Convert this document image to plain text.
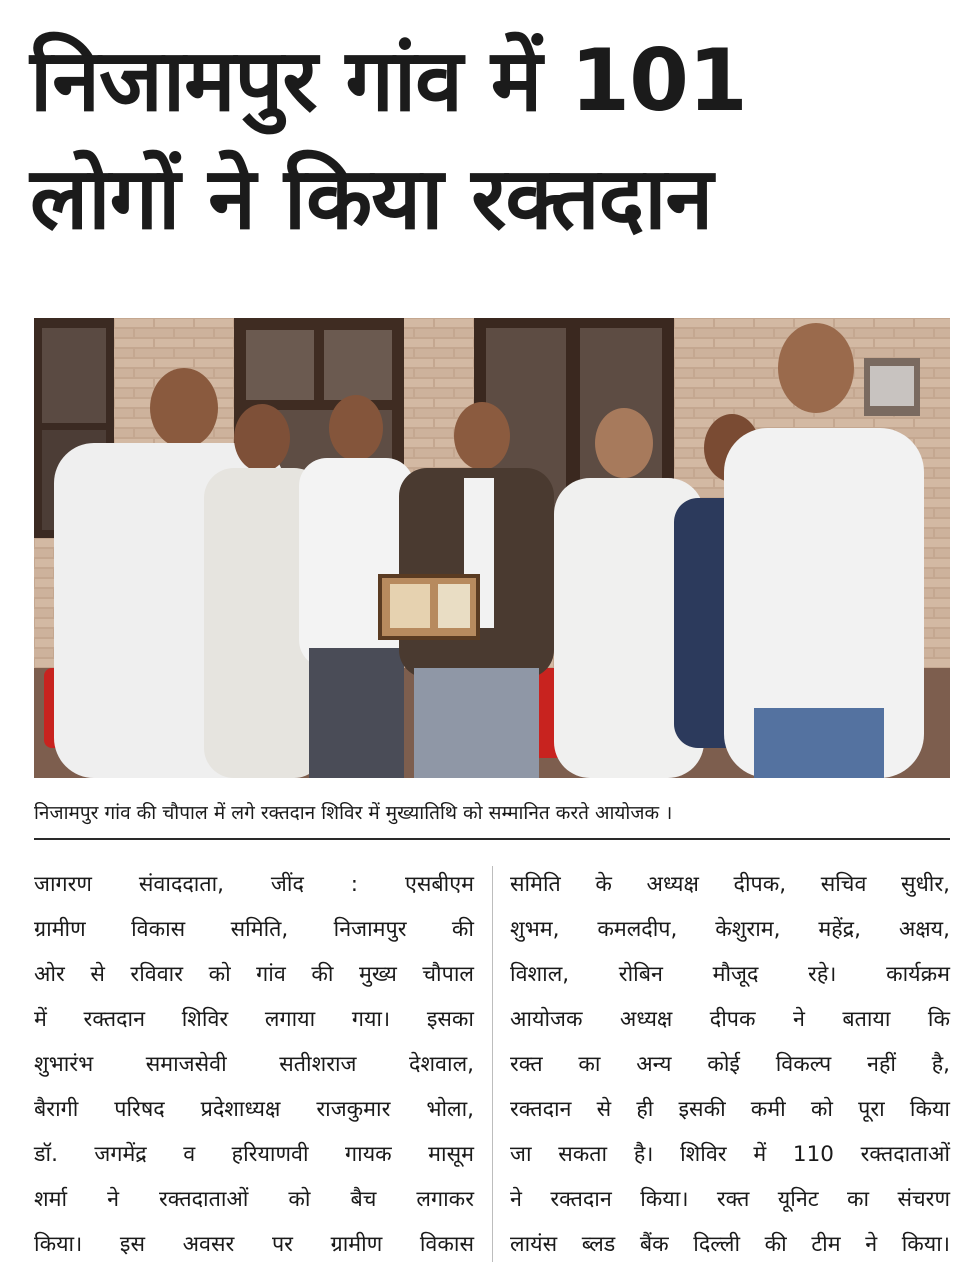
निजामपुर गांव में 101
लोगों ने किया रक्तदान
निजामपुर गांव की चौपाल में लगे रक्तदान शिविर में मुख्यातिथि को सम्मानित करते आयोजक ।
जागरण संवाददाता, जींद : एसबीएम
ग्रामीण विकास समिति, निजामपुर की
ओर से रविवार को गांव की मुख्य चौपाल
में रक्तदान शिविर लगाया गया। इसका
शुभारंभ समाजसेवी सतीशराज देशवाल,
बैरागी परिषद प्रदेशाध्यक्ष राजकुमार भोला,
डॉ. जगमेंद्र व हरियाणवी गायक मासूम
शर्मा ने रक्तदाताओं को बैच लगाकर
किया। इस अवसर पर ग्रामीण विकास
समिति के अध्यक्ष दीपक, सचिव सुधीर,
शुभम, कमलदीप, केशुराम, महेंद्र, अक्षय,
विशाल, रोबिन मौजूद रहे। कार्यक्रम
आयोजक अध्यक्ष दीपक ने बताया कि
रक्त का अन्य कोई विकल्प नहीं है,
रक्तदान से ही इसकी कमी को पूरा किया
जा सकता है। शिविर में 110 रक्तदाताओं
ने रक्तदान किया। रक्त यूनिट का संचरण
लायंस ब्लड बैंक दिल्ली की टीम ने किया।
